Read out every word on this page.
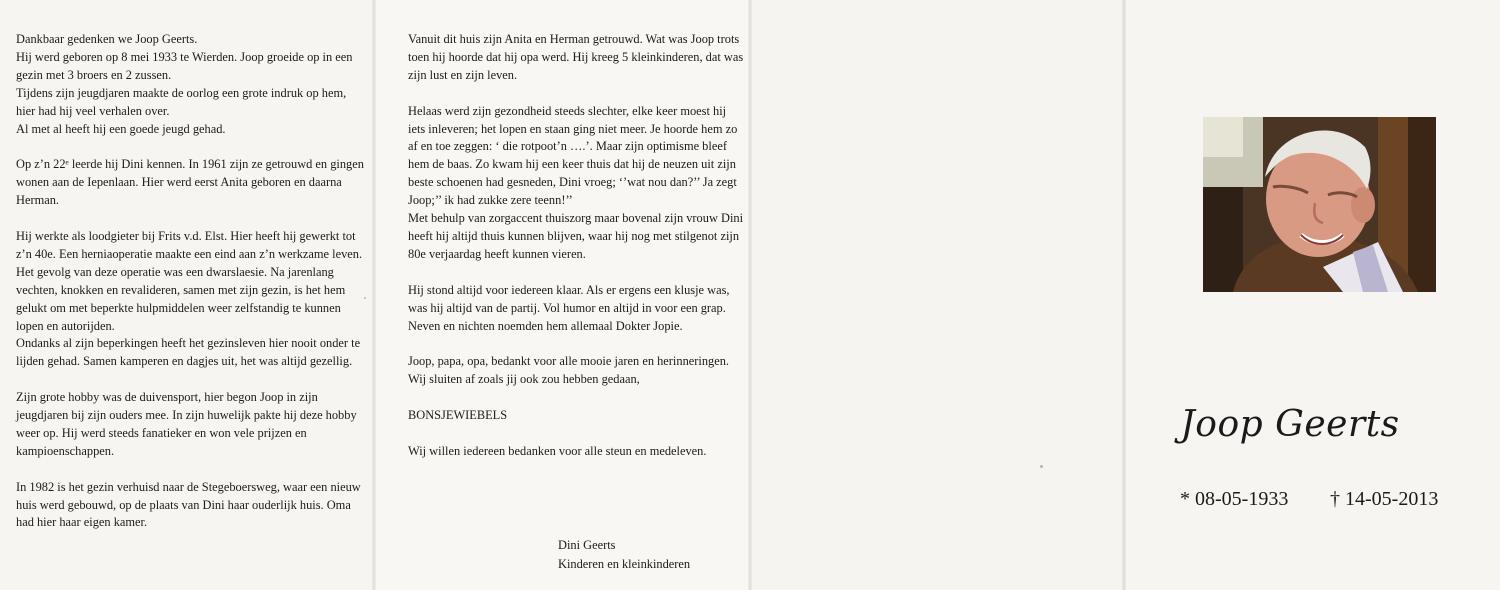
Dankbaar gedenken we Joop Geerts.
Hij werd geboren op 8 mei 1933 te Wierden. Joop groeide op in een gezin met 3 broers en 2 zussen.
Tijdens zijn jeugdjaren maakte de oorlog een grote indruk op hem, hier had hij veel verhalen over.
Al met al heeft hij een goede jeugd gehad.

Op z’n 22ᵉ leerde hij Dini kennen. In 1961 zijn ze getrouwd en gingen wonen aan de Iepenlaan. Hier werd eerst Anita geboren en daarna Herman.

Hij werkte als loodgieter bij Frits v.d. Elst. Hier heeft hij gewerkt tot z’n 40e. Een herniaoperatie maakte een eind aan z’n werkzame leven. Het gevolg van deze operatie was een dwarslaesie. Na jarenlang vechten, knokken en revalideren, samen met zijn gezin, is het hem gelukt om met beperkte hulpmiddelen weer zelfstandig te kunnen lopen en autorijden.
Ondanks al zijn beperkingen heeft het gezinsleven hier nooit onder te lijden gehad. Samen kamperen en dagjes uit, het was altijd gezellig.

Zijn grote hobby was de duivensport, hier begon Joop in zijn jeugdjaren bij zijn ouders mee. In zijn huwelijk pakte hij deze hobby weer op. Hij werd steeds fanatieker en won vele prijzen en kampioenschappen.

In 1982 is het gezin verhuisd naar de Stegeboersweg, waar een nieuw huis werd gebouwd, op de plaats van Dini haar ouderlijk huis. Oma had hier haar eigen kamer.
Vanuit dit huis zijn Anita en Herman getrouwd. Wat was Joop trots toen hij hoorde dat hij opa werd. Hij kreeg 5 kleinkinderen, dat was zijn lust en zijn leven.

Helaas werd zijn gezondheid steeds slechter, elke keer moest hij iets inleveren; het lopen en staan ging niet meer. Je hoorde hem zo af en toe zeggen: ‘ die rotpoot’n ….’. Maar zijn optimisme bleef hem de baas. Zo kwam hij een keer thuis dat hij de neuzen uit zijn beste schoenen had gesneden, Dini vroeg; ‘’wat nou dan?’’ Ja zegt Joop;’’ ik had zukke zere teenn!’’
Met behulp van zorgaccent thuiszorg maar bovenal zijn vrouw Dini heeft hij altijd thuis kunnen blijven, waar hij nog met stilgenot zijn 80e verjaardag heeft kunnen vieren.

Hij stond altijd voor iedereen klaar. Als er ergens een klusje was, was hij altijd van de partij. Vol humor en altijd in voor een grap. Neven en nichten noemden hem allemaal Dokter Jopie.

Joop, papa, opa, bedankt voor alle mooie jaren en herinneringen. Wij sluiten af zoals jij ook zou hebben gedaan,

BONSJEWIEBELS

Wij willen iedereen bedanken voor alle steun en medeleven.
Dini Geerts
Kinderen en kleinkinderen
Joop Geerts
* 08-05-1933 † 14-05-2013
